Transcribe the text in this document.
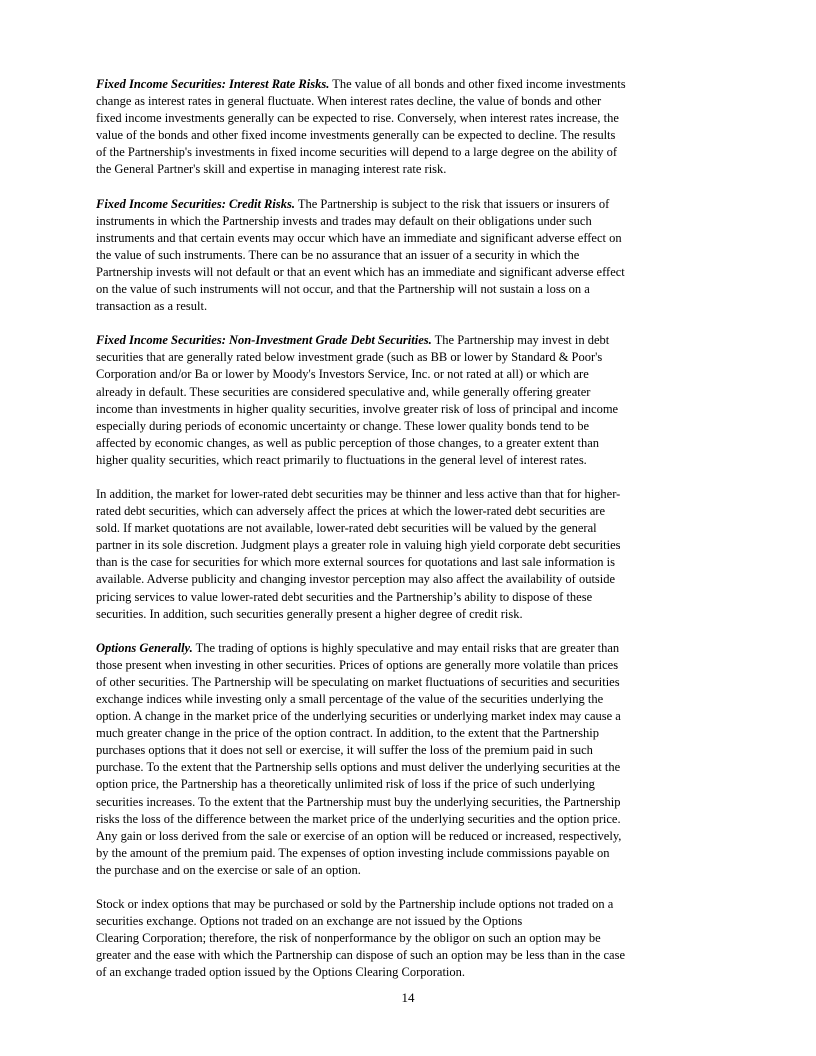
Fixed Income Securities: Interest Rate Risks. The value of all bonds and other fixed income investments
change as interest rates in general fluctuate. When interest rates decline, the value of bonds and other
fixed income investments generally can be expected to rise. Conversely, when interest rates increase, the
value of the bonds and other fixed income investments generally can be expected to decline. The results
of the Partnership's investments in fixed income securities will depend to a large degree on the ability of
the General Partner's skill and expertise in managing interest rate risk.

Fixed Income Securities: Credit Risks. The Partnership is subject to the risk that issuers or insurers of
instruments in which the Partnership invests and trades may default on their obligations under such
instruments and that certain events may occur which have an immediate and significant adverse effect on
the value of such instruments. There can be no assurance that an issuer of a security in which the
Partnership invests will not default or that an event which has an immediate and significant adverse effect
on the value of such instruments will not occur, and that the Partnership will not sustain a loss on a
transaction as a result.

Fixed Income Securities: Non-Investment Grade Debt Securities. The Partnership may invest in debt
securities that are generally rated below investment grade (such as BB or lower by Standard & Poor's
Corporation and/or Ba or lower by Moody's Investors Service, Inc. or not rated at all) or which are
already in default. These securities are considered speculative and, while generally offering greater
income than investments in higher quality securities, involve greater risk of loss of principal and income
especially during periods of economic uncertainty or change. These lower quality bonds tend to be
affected by economic changes, as well as public perception of those changes, to a greater extent than
higher quality securities, which react primarily to fluctuations in the general level of interest rates.

In addition, the market for lower-rated debt securities may be thinner and less active than that for higher-
rated debt securities, which can adversely affect the prices at which the lower-rated debt securities are
sold. If market quotations are not available, lower-rated debt securities will be valued by the general
partner in its sole discretion. Judgment plays a greater role in valuing high yield corporate debt securities
than is the case for securities for which more external sources for quotations and last sale information is
available. Adverse publicity and changing investor perception may also affect the availability of outside
pricing services to value lower-rated debt securities and the Partnership’s ability to dispose of these
securities. In addition, such securities generally present a higher degree of credit risk.

Options Generally. The trading of options is highly speculative and may entail risks that are greater than
those present when investing in other securities. Prices of options are generally more volatile than prices
of other securities. The Partnership will be speculating on market fluctuations of securities and securities
exchange indices while investing only a small percentage of the value of the securities underlying the
option. A change in the market price of the underlying securities or underlying market index may cause a
much greater change in the price of the option contract. In addition, to the extent that the Partnership
purchases options that it does not sell or exercise, it will suffer the loss of the premium paid in such
purchase. To the extent that the Partnership sells options and must deliver the underlying securities at the
option price, the Partnership has a theoretically unlimited risk of loss if the price of such underlying
securities increases. To the extent that the Partnership must buy the underlying securities, the Partnership
risks the loss of the difference between the market price of the underlying securities and the option price.
Any gain or loss derived from the sale or exercise of an option will be reduced or increased, respectively,
by the amount of the premium paid. The expenses of option investing include commissions payable on
the purchase and on the exercise or sale of an option.

Stock or index options that may be purchased or sold by the Partnership include options not traded on a
securities exchange. Options not traded on an exchange are not issued by the Options
Clearing Corporation; therefore, the risk of nonperformance by the obligor on such an option may be
greater and the ease with which the Partnership can dispose of such an option may be less than in the case
of an exchange traded option issued by the Options Clearing Corporation.

14
